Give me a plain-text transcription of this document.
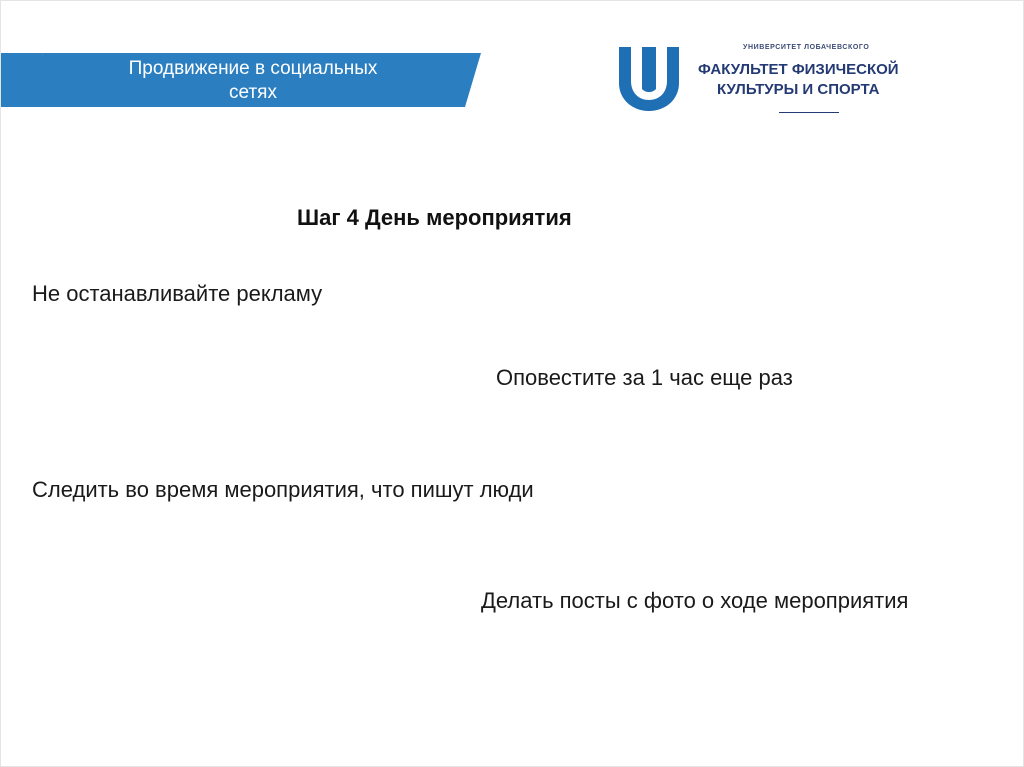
Продвижение в социальных
сетях
УНИВЕРСИТЕТ ЛОБАЧЕВСКОГО
ФАКУЛЬТЕТ ФИЗИЧЕСКОЙ
КУЛЬТУРЫ И СПОРТА
Шаг 4 День мероприятия
Не останавливайте рекламу
Оповестите за 1 час еще раз
Следить во время мероприятия, что пишут люди
Делать посты с фото о ходе мероприятия
